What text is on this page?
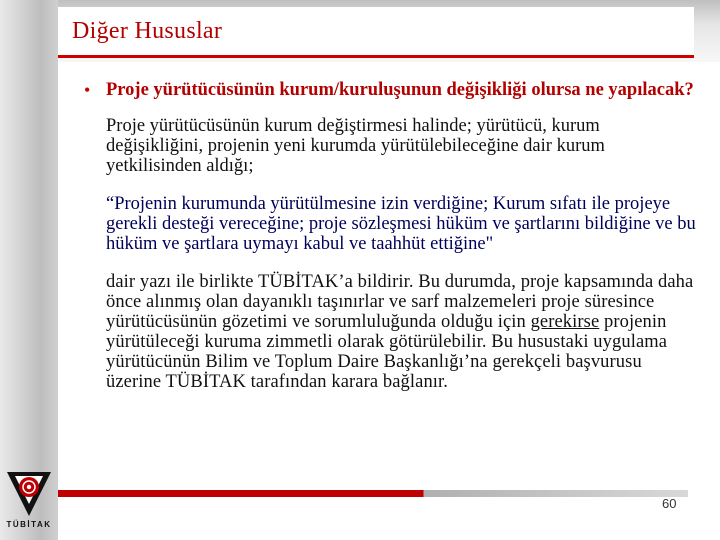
Diğer Hususlar
• Proje yürütücüsünün kurum/kuruluşunun değişikliği olursa ne yapılacak?

Proje yürütücüsünün kurum değiştirmesi halinde; yürütücü, kurum değişikliğini, projenin yeni kurumda yürütülebileceğine dair kurum yetkilisinden aldığı;

“Projenin kurumunda yürütülmesine izin verdiğine; Kurum sıfatı ile projeye gerekli desteği vereceğine; proje sözleşmesi hüküm ve şartlarını bildiğine ve bu hüküm ve şartlara uymayı kabul ve taahhüt ettiğine"

dair yazı ile birlikte TÜBİTAK’a bildirir. Bu durumda, proje kapsamında daha önce alınmış olan dayanıklı taşınırlar ve sarf malzemeleri proje süresince yürütücüsünün gözetimi ve sorumluluğunda olduğu için gerekirse projenin yürütüleceği kuruma zimmetli olarak götürülebilir. Bu husustaki uygulama yürütücünün Bilim ve Toplum Daire Başkanlığı’na gerekçeli başvurusu üzerine TÜBİTAK tarafından karara bağlanır.

60
TÜBİTAK
